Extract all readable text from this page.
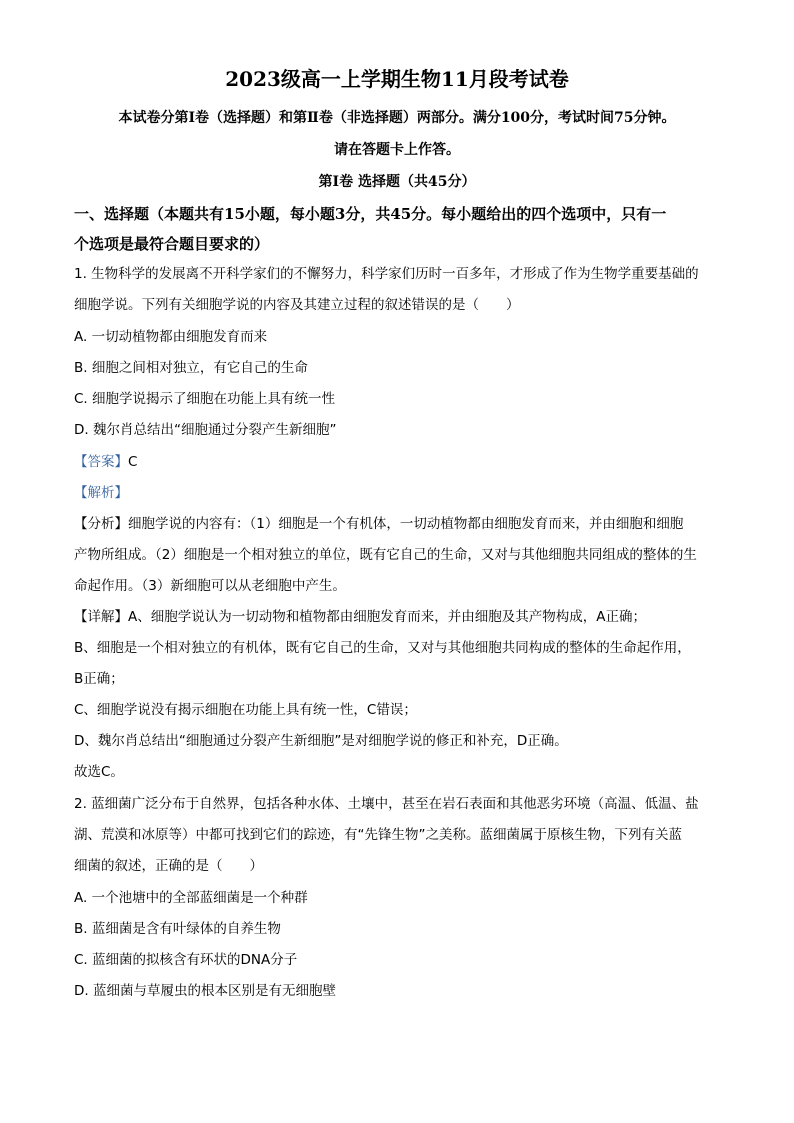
2023级高一上学期生物11月段考试卷
本试卷分第Ⅰ卷（选择题）和第Ⅱ卷（非选择题）两部分。满分100分，考试时间75分钟。
请在答题卡上作答。
第Ⅰ卷 选择题（共45分）
一、选择题（本题共有15小题，每小题3分，共45分。每小题给出的四个选项中，只有一
个选项是最符合题目要求的）
1. 生物科学的发展离不开科学家们的不懈努力，科学家们历时一百多年，才形成了作为生物学重要基础的
细胞学说。下列有关细胞学说的内容及其建立过程的叙述错误的是（　　）
A. 一切动植物都由细胞发育而来
B. 细胞之间相对独立，有它自己的生命
C. 细胞学说揭示了细胞在功能上具有统一性
D. 魏尔肖总结出“细胞通过分裂产生新细胞”
【答案】C
【解析】
【分析】细胞学说的内容有：（1）细胞是一个有机体，一切动植物都由细胞发育而来，并由细胞和细胞
产物所组成。（2）细胞是一个相对独立的单位，既有它自己的生命，又对与其他细胞共同组成的整体的生
命起作用。（3）新细胞可以从老细胞中产生。
【详解】A、细胞学说认为一切动物和植物都由细胞发育而来，并由细胞及其产物构成，A正确；
B、细胞是一个相对独立的有机体，既有它自己的生命，又对与其他细胞共同构成的整体的生命起作用，
B正确；
C、细胞学说没有揭示细胞在功能上具有统一性，C错误；
D、魏尔肖总结出“细胞通过分裂产生新细胞”是对细胞学说的修正和补充，D正确。
故选C。
2. 蓝细菌广泛分布于自然界，包括各种水体、土壤中，甚至在岩石表面和其他恶劣环境（高温、低温、盐
湖、荒漠和冰原等）中都可找到它们的踪迹，有“先锋生物”之美称。蓝细菌属于原核生物，下列有关蓝
细菌的叙述，正确的是（　　）
A. 一个池塘中的全部蓝细菌是一个种群
B. 蓝细菌是含有叶绿体的自养生物
C. 蓝细菌的拟核含有环状的DNA分子
D. 蓝细菌与草履虫的根本区别是有无细胞壁
